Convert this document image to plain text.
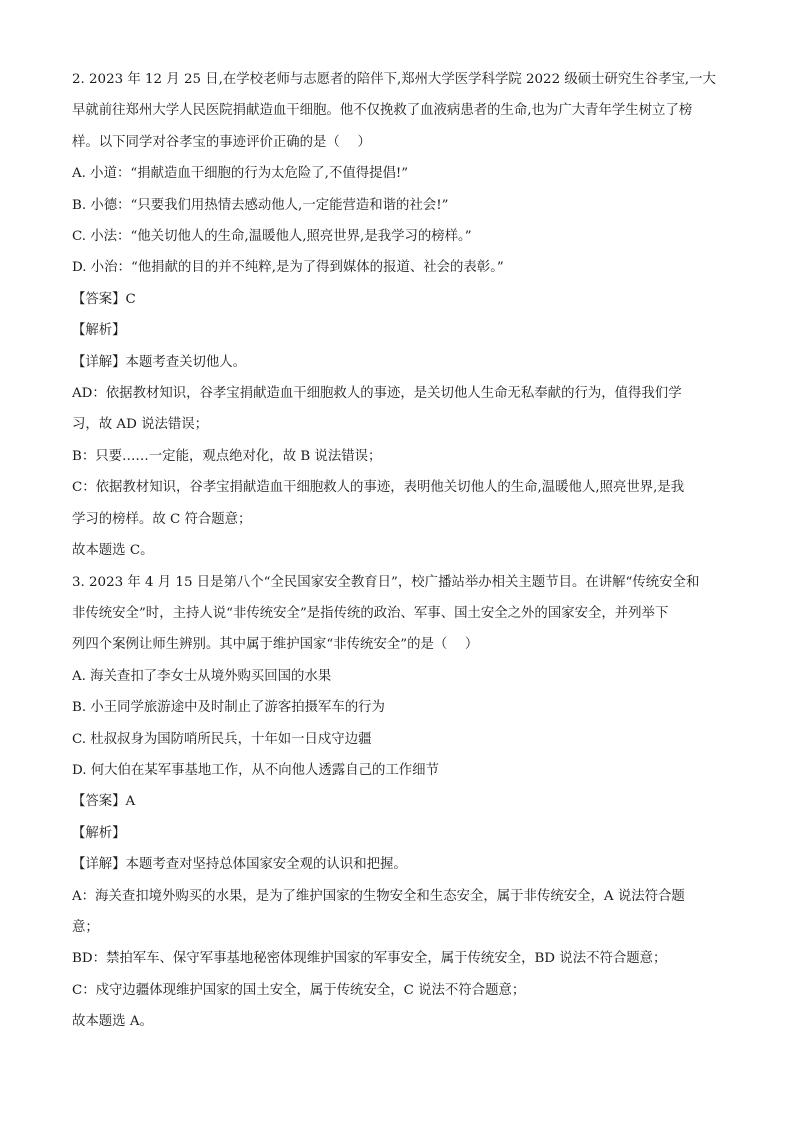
2. 2023 年 12 月 25 日,在学校老师与志愿者的陪伴下,郑州大学医学科学院 2022 级硕士研究生谷孝宝,一大
早就前往郑州大学人民医院捐献造血干细胞。他不仅挽救了血液病患者的生命,也为广大青年学生树立了榜
样。以下同学对谷孝宝的事迹评价正确的是（　 ）
A. 小道：“捐献造血干细胞的行为太危险了,不值得提倡!”
B. 小德：“只要我们用热情去感动他人,一定能营造和谐的社会!”
C. 小法：“他关切他人的生命,温暖他人,照亮世界,是我学习的榜样。”
D. 小治：“他捐献的目的并不纯粹,是为了得到媒体的报道、社会的表彰。”
【答案】C
【解析】
【详解】本题考查关切他人。
AD：依据教材知识，谷孝宝捐献造血干细胞救人的事迹，是关切他人生命无私奉献的行为，值得我们学
习，故 AD 说法错误；
B：只要……一定能，观点绝对化，故 B 说法错误；
C：依据教材知识，谷孝宝捐献造血干细胞救人的事迹，表明他关切他人的生命,温暖他人,照亮世界,是我
学习的榜样。故 C 符合题意；
故本题选 C。
3. 2023 年 4 月 15 日是第八个“全民国家安全教育日”，校广播站举办相关主题节目。在讲解“传统安全和
非传统安全”时，主持人说“非传统安全”是指传统的政治、军事、国土安全之外的国家安全，并列举下
列四个案例让师生辨别。其中属于维护国家“非传统安全”的是（　 ）
A. 海关查扣了李女士从境外购买回国的水果
B. 小王同学旅游途中及时制止了游客拍摄军车的行为
C. 杜叔叔身为国防哨所民兵，十年如一日戍守边疆
D. 何大伯在某军事基地工作，从不向他人透露自己的工作细节
【答案】A
【解析】
【详解】本题考查对坚持总体国家安全观的认识和把握。
A：海关查扣境外购买的水果，是为了维护国家的生物安全和生态安全，属于非传统安全，A 说法符合题
意；
BD：禁拍军车、保守军事基地秘密体现维护国家的军事安全，属于传统安全，BD 说法不符合题意；
C：戍守边疆体现维护国家的国土安全，属于传统安全，C 说法不符合题意；
故本题选 A。
